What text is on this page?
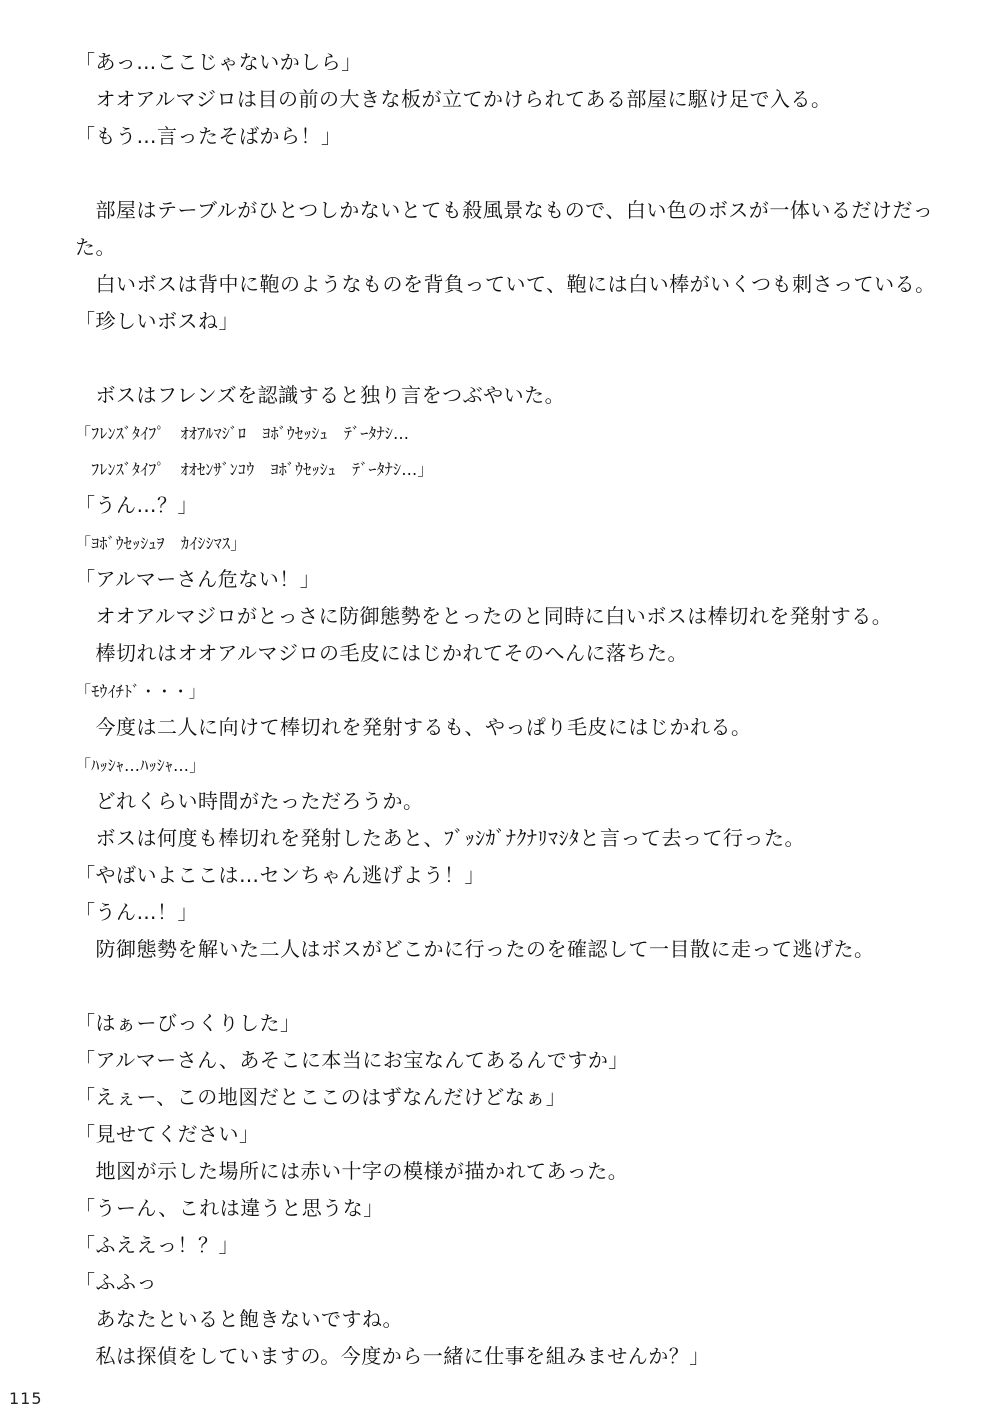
「あっ…ここじゃないかしら」
　オオアルマジロは目の前の大きな板が立てかけられてある部屋に駆け足で入る。
「もう…言ったそばから！」
　部屋はテーブルがひとつしかないとても殺風景なもので、白い色のボスが一体いるだけだっ
た。
　白いボスは背中に鞄のようなものを背負っていて、鞄には白い棒がいくつも刺さっている。
「珍しいボスね」
　ボスはフレンズを認識すると独り言をつぶやいた。
「ﾌﾚﾝｽﾞﾀｲﾌﾟ　ｵｵｱﾙﾏｼﾞﾛ　ﾖﾎﾞｳｾｯｼｭ　ﾃﾞｰﾀﾅｼ…
　ﾌﾚﾝｽﾞﾀｲﾌﾟ　ｵｵｾﾝｻﾞﾝｺｳ　ﾖﾎﾞｳｾｯｼｭ　ﾃﾞｰﾀﾅｼ…」
「うん…？」
「ﾖﾎﾞｳｾｯｼｭｦ　ｶｲｼｼﾏｽ」
「アルマーさん危ない！」
　オオアルマジロがとっさに防御態勢をとったのと同時に白いボスは棒切れを発射する。
　棒切れはオオアルマジロの毛皮にはじかれてそのへんに落ちた。
「ﾓｳｲﾁﾄﾞ・・・」
　今度は二人に向けて棒切れを発射するも、やっぱり毛皮にはじかれる。
「ﾊｯｼｬ…ﾊｯｼｬ…」
　どれくらい時間がたっただろうか。
　ボスは何度も棒切れを発射したあと、ﾌﾞｯｼｶﾞﾅｸﾅﾘﾏｼﾀと言って去って行った。
「やばいよここは…センちゃん逃げよう！」
「うん…！」
　防御態勢を解いた二人はボスがどこかに行ったのを確認して一目散に走って逃げた。
「はぁーびっくりした」
「アルマーさん、あそこに本当にお宝なんてあるんですか」
「えぇー、この地図だとここのはずなんだけどなぁ」
「見せてください」
　地図が示した場所には赤い十字の模様が描かれてあった。
「うーん、これは違うと思うな」
「ふええっ！？」
「ふふっ
　あなたといると飽きないですね。
　私は探偵をしていますの。今度から一緒に仕事を組みませんか？」
115
